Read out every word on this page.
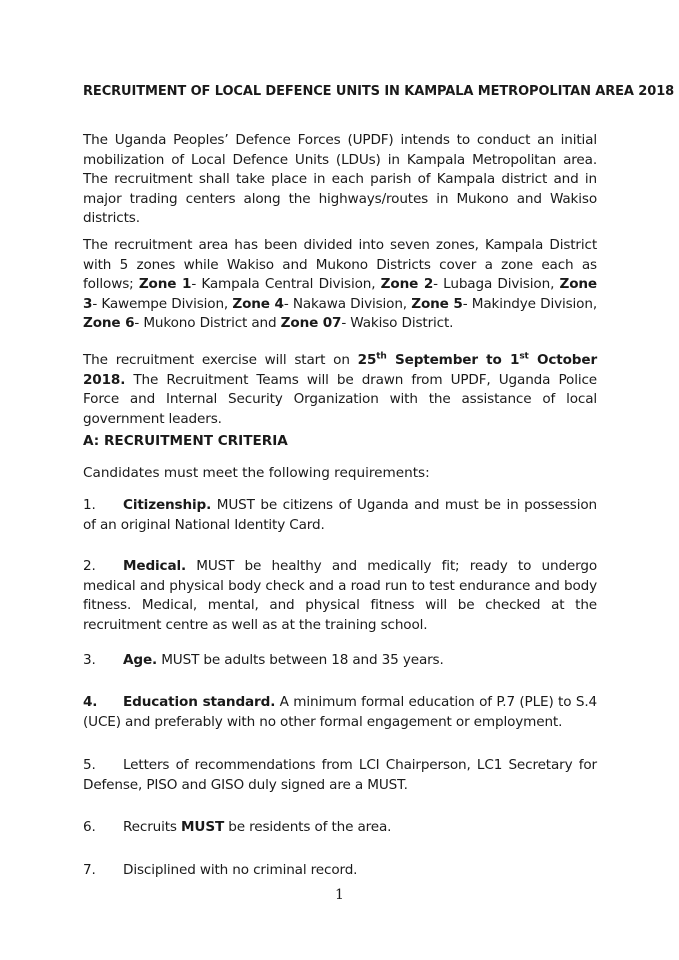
RECRUITMENT OF LOCAL DEFENCE UNITS IN KAMPALA METROPOLITAN AREA 2018
The Uganda Peoples’ Defence Forces (UPDF) intends to conduct an initial mobilization of Local Defence Units (LDUs) in Kampala Metropolitan area. The recruitment shall take place in each parish of Kampala district and in major trading centers along the highways/routes in Mukono and Wakiso districts.
The recruitment area has been divided into seven zones, Kampala District with 5 zones while Wakiso and Mukono Districts cover a zone each as follows; Zone 1- Kampala Central Division, Zone 2- Lubaga Division, Zone 3- Kawempe Division, Zone 4- Nakawa Division, Zone 5- Makindye Division, Zone 6- Mukono District and Zone 07- Wakiso District.
The recruitment exercise will start on 25th September to 1st October 2018. The Recruitment Teams will be drawn from UPDF, Uganda Police Force and Internal Security Organization with the assistance of local government leaders.
A: RECRUITMENT CRITERIA
Candidates must meet the following requirements:
1. Citizenship. MUST be citizens of Uganda and must be in possession of an original National Identity Card.
2. Medical. MUST be healthy and medically fit; ready to undergo medical and physical body check and a road run to test endurance and body fitness. Medical, mental, and physical fitness will be checked at the recruitment centre as well as at the training school.
3. Age. MUST be adults between 18 and 35 years.
4. Education standard. A minimum formal education of P.7 (PLE) to S.4 (UCE) and preferably with no other formal engagement or employment.
5. Letters of recommendations from LCI Chairperson, LC1 Secretary for Defense, PISO and GISO duly signed are a MUST.
6. Recruits MUST be residents of the area.
7. Disciplined with no criminal record.
1
